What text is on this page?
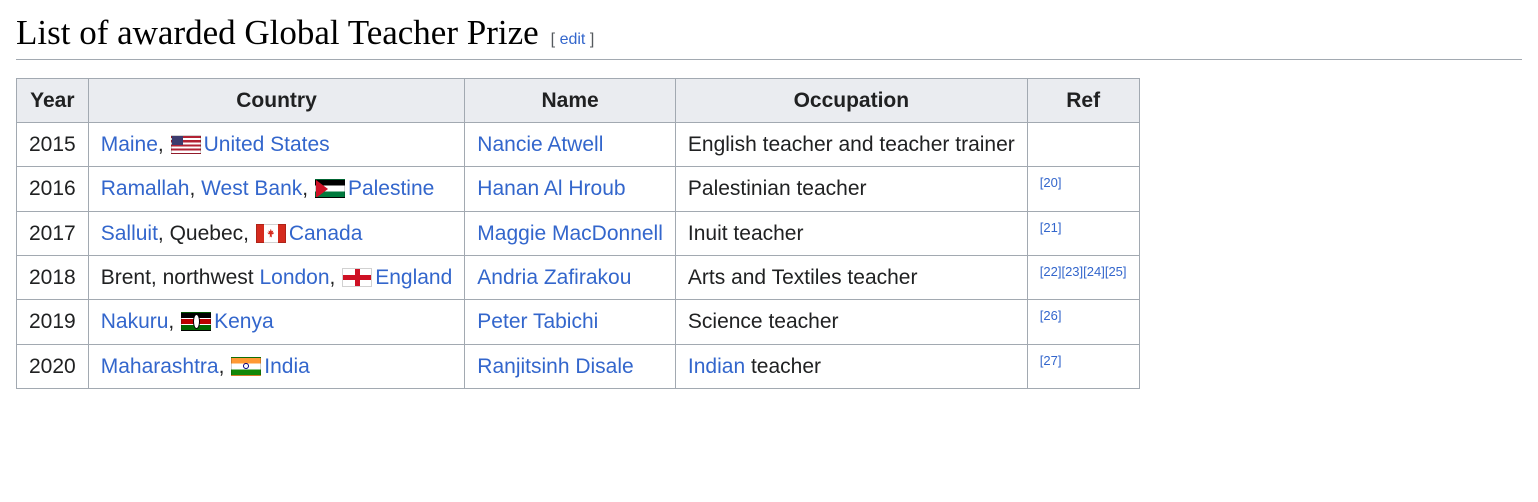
List of awarded Global Teacher Prize [ edit ]
Year	Country	Name	Occupation	Ref
2015	Maine, United States	Nancie Atwell	English teacher and teacher trainer	
2016	Ramallah, West Bank, Palestine	Hanan Al Hroub	Palestinian teacher	[20]
2017	Salluit, Quebec, Canada	Maggie MacDonnell	Inuit teacher	[21]
2018	Brent, northwest London, England	Andria Zafirakou	Arts and Textiles teacher	[22][23][24][25]
2019	Nakuru, Kenya	Peter Tabichi	Science teacher	[26]
2020	Maharashtra, India	Ranjitsinh Disale	Indian teacher	[27]
